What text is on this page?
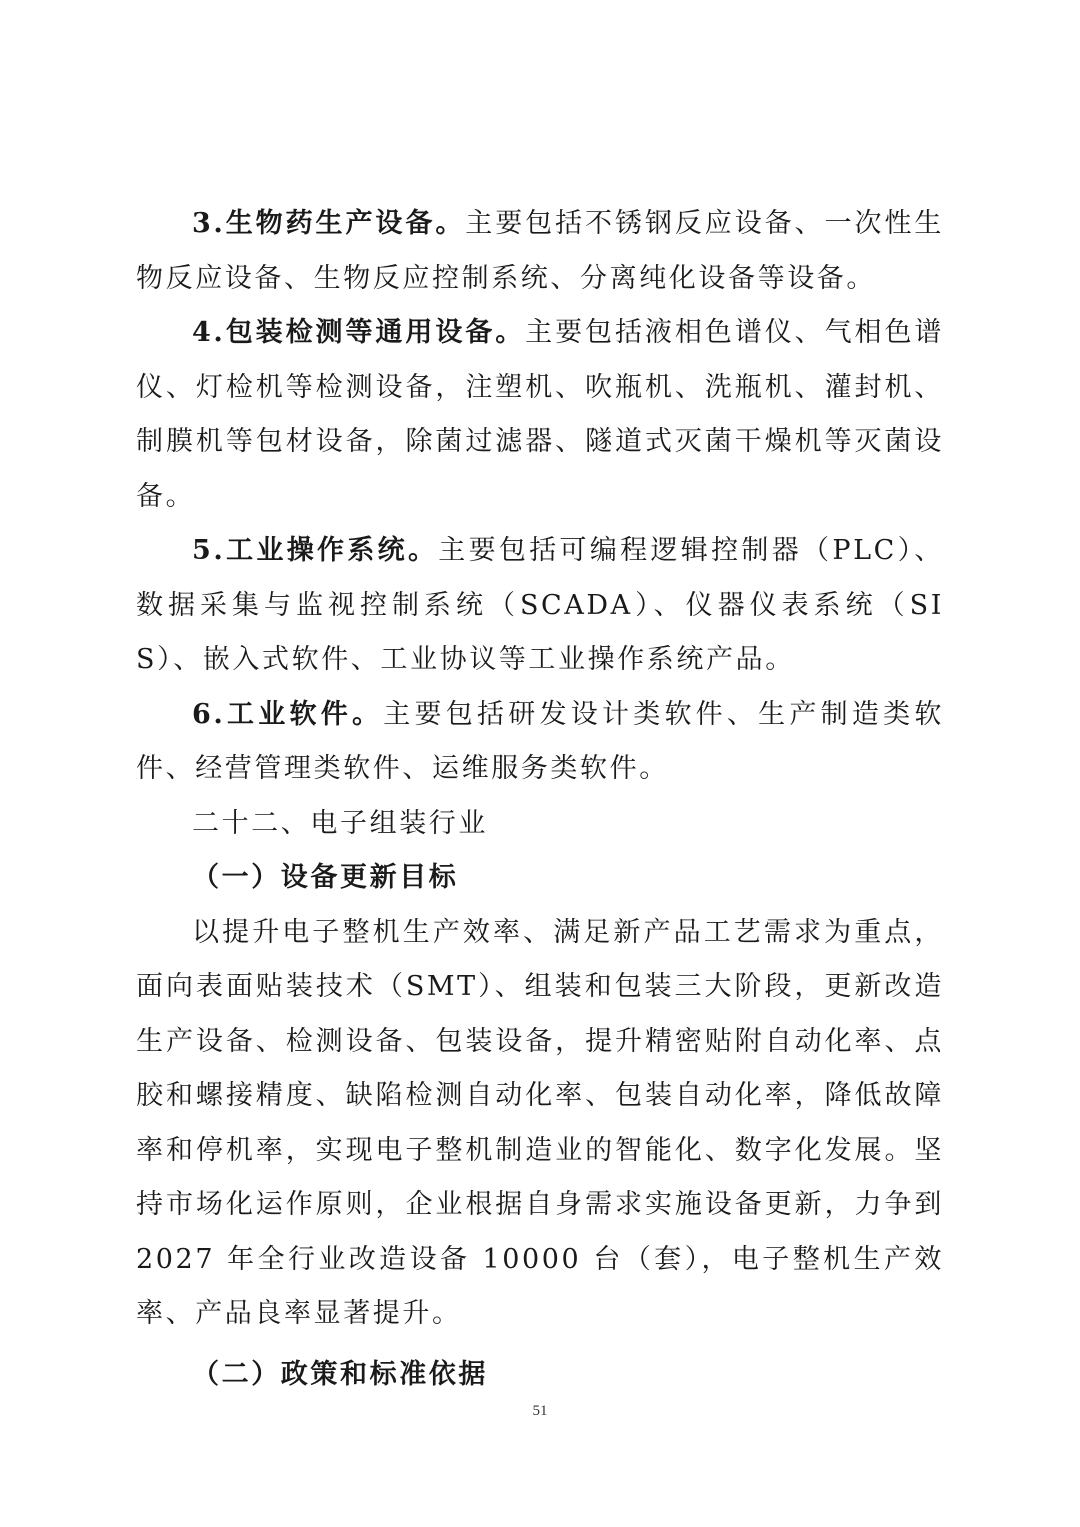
3.生物药生产设备。主要包括不锈钢反应设备、一次性生物反应设备、生物反应控制系统、分离纯化设备等设备。

4.包装检测等通用设备。主要包括液相色谱仪、气相色谱仪、灯检机等检测设备，注塑机、吹瓶机、洗瓶机、灌封机、制膜机等包材设备，除菌过滤器、隧道式灭菌干燥机等灭菌设备。

5.工业操作系统。主要包括可编程逻辑控制器（PLC）、数据采集与监视控制系统（SCADA）、仪器仪表系统（SIS）、嵌入式软件、工业协议等工业操作系统产品。

6.工业软件。主要包括研发设计类软件、生产制造类软件、经营管理类软件、运维服务类软件。

二十二、电子组装行业

（一）设备更新目标

以提升电子整机生产效率、满足新产品工艺需求为重点，面向表面贴装技术（SMT）、组装和包装三大阶段，更新改造生产设备、检测设备、包装设备，提升精密贴附自动化率、点胶和螺接精度、缺陷检测自动化率、包装自动化率，降低故障率和停机率，实现电子整机制造业的智能化、数字化发展。坚持市场化运作原则，企业根据自身需求实施设备更新，力争到 2027 年全行业改造设备 10000 台（套），电子整机生产效率、产品良率显著提升。

（二）政策和标准依据

51
